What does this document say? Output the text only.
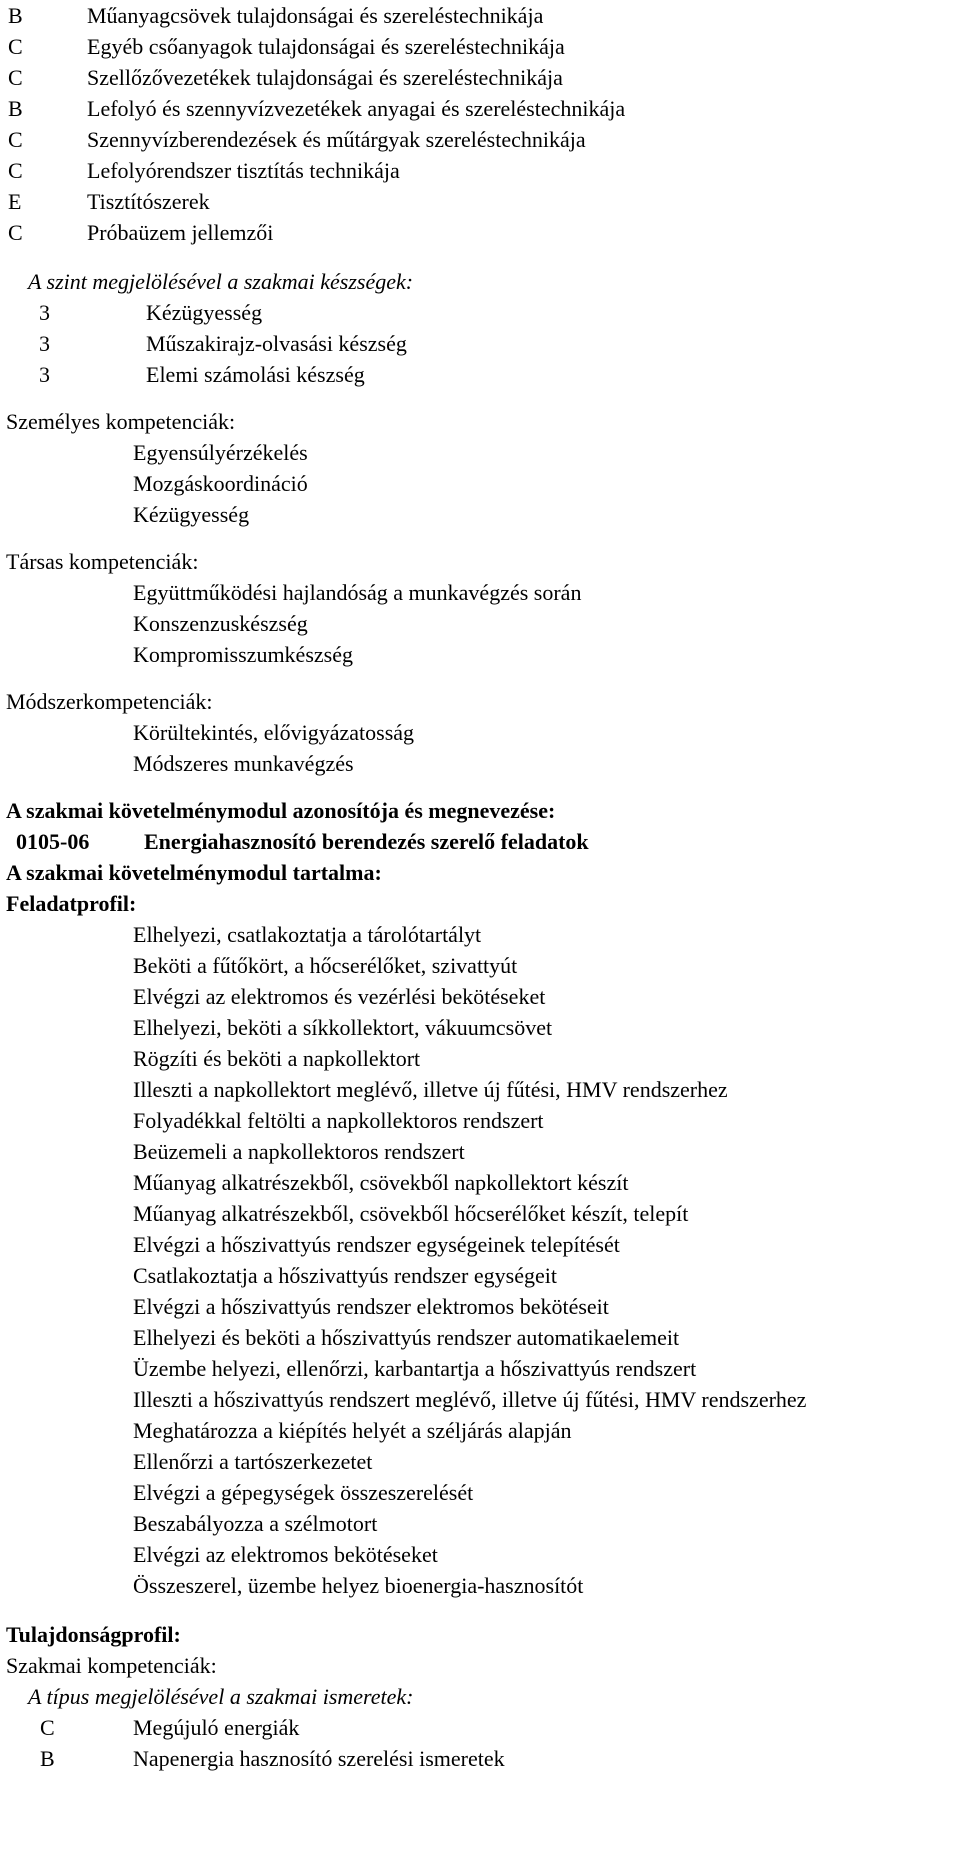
B	Műanyagcsövek tulajdonságai és szereléstechnikája
C	Egyéb csőanyagok tulajdonságai és szereléstechnikája
C	Szellőzővezetékek tulajdonságai és szereléstechnikája
B	Lefolyó és szennyvízvezetékek anyagai és szereléstechnikája
C	Szennyvízberendezések és műtárgyak szereléstechnikája
C	Lefolyórendszer tisztítás technikája
E	Tisztítószerek
C	Próbaüzem jellemzői
A szint megjelölésével a szakmai készségek:
3	Kézügyesség
3	Műszakirajz-olvasási készség
3	Elemi számolási készség
Személyes kompetenciák:
Egyensúlyérzékelés
Mozgáskoordináció
Kézügyesség
Társas kompetenciák:
Együttműködési hajlandóság a munkavégzés során
Konszenzuskészség
Kompromisszumkészség
Módszerkompetenciák:
Körültekintés, elővigyázatosság
Módszeres munkavégzés
A szakmai követelménymodul azonosítója és megnevezése:
0105-06	Energiahasznosító berendezés szerelő feladatok
A szakmai követelménymodul tartalma:
Feladatprofil:
Elhelyezi, csatlakoztatja a tárolótartályt
Beköti a fűtőkört, a hőcserélőket, szivattyút
Elvégzi az elektromos és vezérlési bekötéseket
Elhelyezi, beköti a síkkollektort, vákuumcsövet
Rögzíti és beköti a napkollektort
Illeszti a napkollektort meglévő, illetve új fűtési, HMV rendszerhez
Folyadékkal feltölti a napkollektoros rendszert
Beüzemeli a napkollektoros rendszert
Műanyag alkatrészekből, csövekből napkollektort készít
Műanyag alkatrészekből, csövekből hőcserélőket készít, telepít
Elvégzi a hőszivattyús rendszer egységeinek telepítését
Csatlakoztatja a hőszivattyús rendszer egységeit
Elvégzi a hőszivattyús rendszer elektromos bekötéseit
Elhelyezi és beköti a hőszivattyús rendszer automatikaelemeit
Üzembe helyezi, ellenőrzi, karbantartja a hőszivattyús rendszert
Illeszti a hőszivattyús rendszert meglévő, illetve új fűtési, HMV rendszerhez
Meghatározza a kiépítés helyét a széljárás alapján
Ellenőrzi a tartószerkezetet
Elvégzi a gépegységek összeszerelését
Beszabályozza a szélmotort
Elvégzi az elektromos bekötéseket
Összeszerel, üzembe helyez bioenergia-hasznosítót
Tulajdonságprofil:
Szakmai kompetenciák:
A típus megjelölésével a szakmai ismeretek:
C	Megújuló energiák
B	Napenergia hasznosító szerelési ismeretek
